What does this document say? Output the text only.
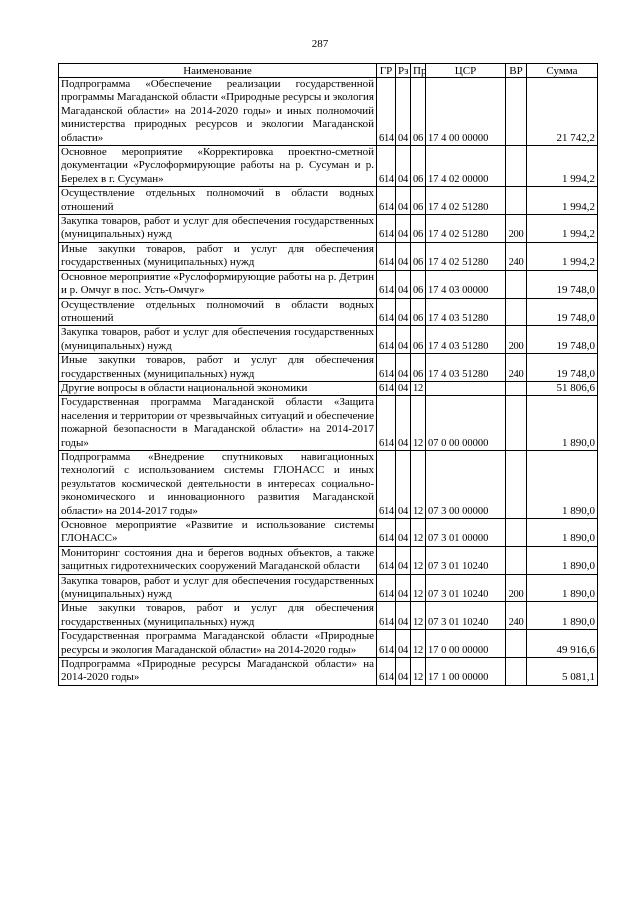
287
Наименование	ГР	Рз	Пр	ЦСР	ВР	Сумма
Подпрограмма «Обеспечение реализации государственной программы Магаданской области «Природные ресурсы и экология Магаданской области» на 2014-2020 годы» и иных полномочий министерства природных ресурсов и экологии Магаданской области»	614	04	06	17 4 00 00000		21 742,2
Основное мероприятие «Корректировка проектно-сметной документации «Руслоформирующие работы на р. Сусуман и р. Берелех в г. Сусуман»	614	04	06	17 4 02 00000		1 994,2
Осуществление отдельных полномочий в области водных отношений	614	04	06	17 4 02 51280		1 994,2
Закупка товаров, работ и услуг для обеспечения государственных (муниципальных) нужд	614	04	06	17 4 02 51280	200	1 994,2
Иные закупки товаров, работ и услуг для обеспечения государственных (муниципальных) нужд	614	04	06	17 4 02 51280	240	1 994,2
Основное мероприятие «Руслоформирующие работы на р. Детрин и р. Омчуг в пос. Усть-Омчуг»	614	04	06	17 4 03 00000		19 748,0
Осуществление отдельных полномочий в области водных отношений	614	04	06	17 4 03 51280		19 748,0
Закупка товаров, работ и услуг для обеспечения государственных (муниципальных) нужд	614	04	06	17 4 03 51280	200	19 748,0
Иные закупки товаров, работ и услуг для обеспечения государственных (муниципальных) нужд	614	04	06	17 4 03 51280	240	19 748,0
Другие вопросы в области национальной экономики	614	04	12			51 806,6
Государственная программа Магаданской области «Защита населения и территории от чрезвычайных ситуаций и обеспечение пожарной безопасности в Магаданской области» на 2014-2017 годы»	614	04	12	07 0 00 00000		1 890,0
Подпрограмма «Внедрение спутниковых навигационных технологий с использованием системы ГЛОНАСС и иных результатов космической деятельности в интересах социально-экономического и инновационного развития Магаданской области» на 2014-2017 годы»	614	04	12	07 3 00 00000		1 890,0
Основное мероприятие «Развитие и использование системы ГЛОНАСС»	614	04	12	07 3 01 00000		1 890,0
Мониторинг состояния дна и берегов водных объектов, а также защитных гидротехнических сооружений Магаданской области	614	04	12	07 3 01 10240		1 890,0
Закупка товаров, работ и услуг для обеспечения государственных (муниципальных) нужд	614	04	12	07 3 01 10240	200	1 890,0
Иные закупки товаров, работ и услуг для обеспечения государственных (муниципальных) нужд	614	04	12	07 3 01 10240	240	1 890,0
Государственная программа Магаданской области «Природные ресурсы и экология Магаданской области» на 2014-2020 годы»	614	04	12	17 0 00 00000		49 916,6
Подпрограмма «Природные ресурсы Магаданской области» на 2014-2020 годы»	614	04	12	17 1 00 00000		5 081,1
